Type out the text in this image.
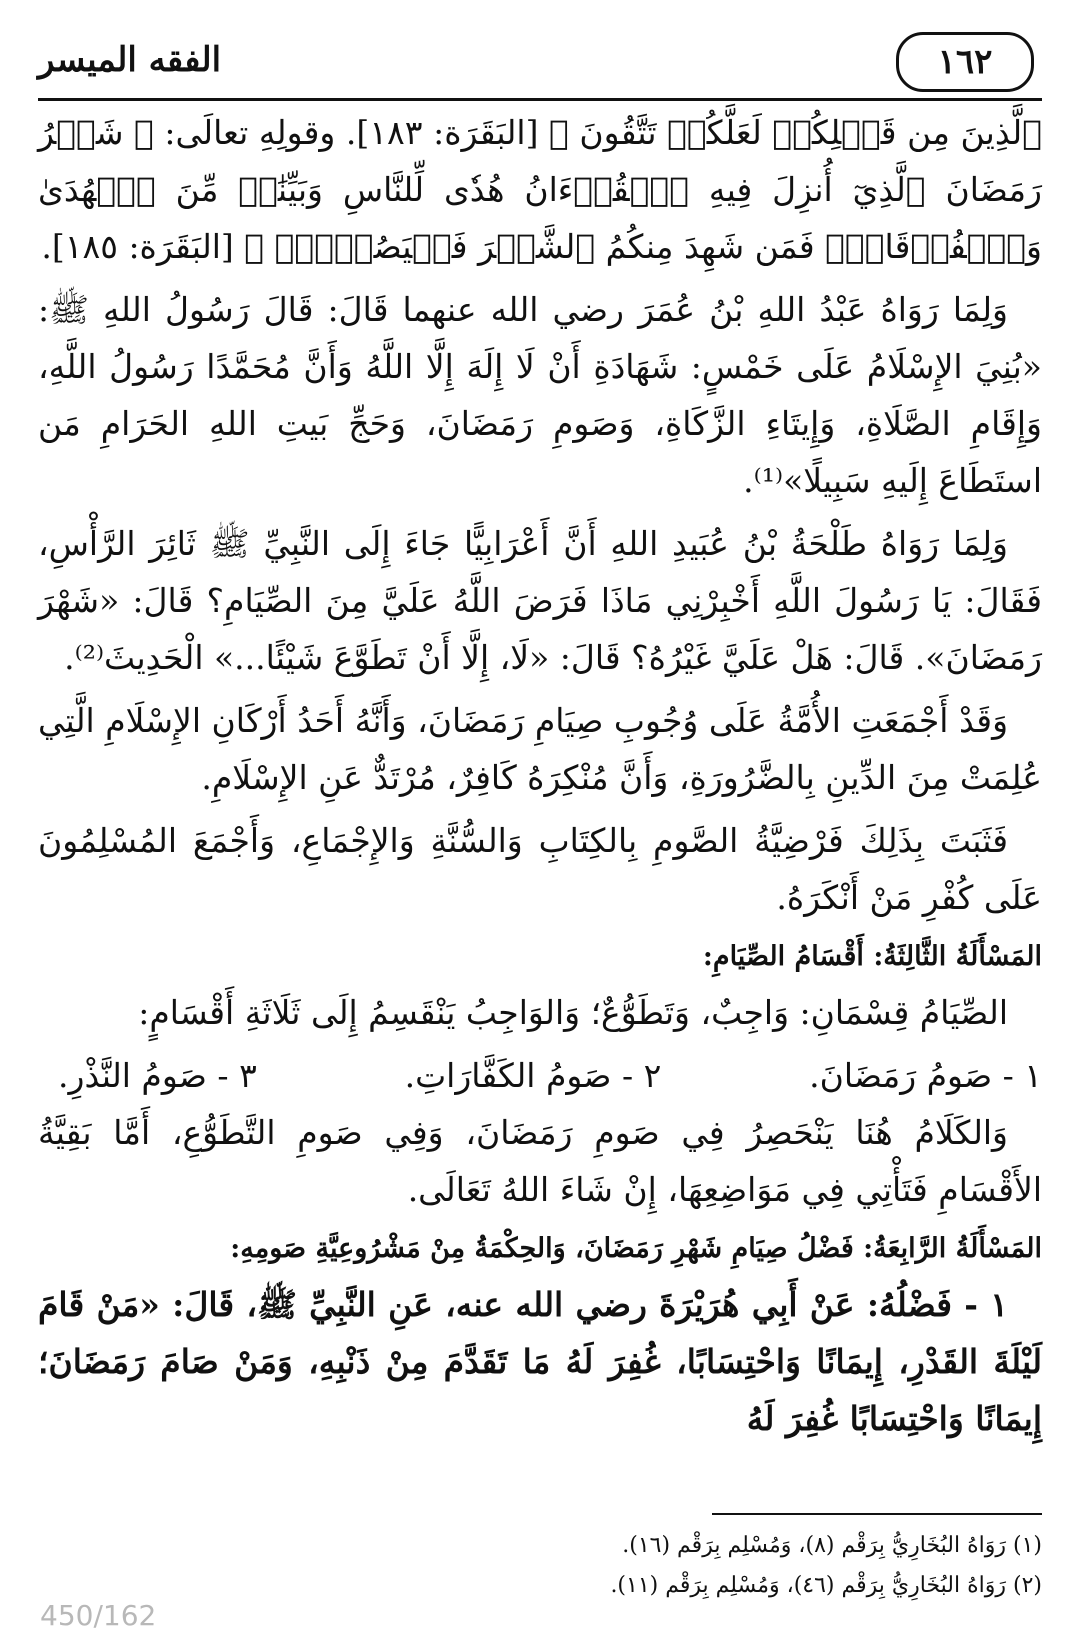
الفقه الميسر	١٦٢

ٱلَّذِينَ مِن قَبۡلِكُمۡ لَعَلَّكُمۡ تَتَّقُونَ ﴾ [البَقَرَة: ١٨٣]. وقولِهِ تعالَى: ﴿ شَهۡرُ رَمَضَانَ ٱلَّذِيٓ أُنزِلَ فِيهِ ٱلۡقُرۡءَانُ هُدٗى لِّلنَّاسِ وَبَيِّنَٰتٖ مِّنَ ٱلۡهُدَىٰ وَٱلۡفُرۡقَانِۚ فَمَن شَهِدَ مِنكُمُ ٱلشَّهۡرَ فَلۡيَصُمۡهُۖ ﴾ [البَقَرَة: ١٨٥].

وَلِمَا رَوَاهُ عَبْدُ اللهِ بْنُ عُمَرَ رضي الله عنهما قَالَ: قَالَ رَسُولُ اللهِ ﷺ: «بُنِيَ الإِسْلَامُ عَلَى خَمْسٍ: شَهَادَةِ أَنْ لَا إِلَهَ إِلَّا اللَّهُ وَأَنَّ مُحَمَّدًا رَسُولُ اللَّهِ، وَإِقَامِ الصَّلَاةِ، وَإِيتَاءِ الزَّكَاةِ، وَصَومِ رَمَضَانَ، وَحَجِّ بَيتِ اللهِ الحَرَامِ مَن استَطَاعَ إِلَيهِ سَبِيلًا»⁽¹⁾.

وَلِمَا رَوَاهُ طَلْحَةُ بْنُ عُبَيدِ اللهِ أَنَّ أَعْرَابِيًّا جَاءَ إِلَى النَّبِيِّ ﷺ ثَائِرَ الرَّأْسِ، فَقَالَ: يَا رَسُولَ اللَّهِ أَخْبِرْنِي مَاذَا فَرَضَ اللَّهُ عَلَيَّ مِنَ الصِّيَامِ؟ قَالَ: «شَهْرَ رَمَضَانَ». قَالَ: هَلْ عَلَيَّ غَيْرُهُ؟ قَالَ: «لَا، إِلَّا أَنْ تَطَوَّعَ شَيْئًا...» الْحَدِيثَ⁽²⁾.

وَقَدْ أَجْمَعَتِ الأُمَّةُ عَلَى وُجُوبِ صِيَامِ رَمَضَانَ، وَأَنَّهُ أَحَدُ أَرْكَانِ الإِسْلَامِ الَّتِي عُلِمَتْ مِنَ الدِّينِ بِالضَّرُورَةِ، وَأَنَّ مُنْكِرَهُ كَافِرٌ، مُرْتَدٌّ عَنِ الإِسْلَامِ.

فَثَبَتَ بِذَلِكَ فَرْضِيَّةُ الصَّومِ بِالكِتَابِ وَالسُّنَّةِ وَالإِجْمَاعِ، وَأَجْمَعَ المُسْلِمُونَ عَلَى كُفْرِ مَنْ أَنْكَرَهُ.

المَسْأَلَةُ الثَّالِثَةُ: أَقْسَامُ الصِّيَامِ:

الصِّيَامُ قِسْمَانِ: وَاجِبٌ، وَتَطَوُّعٌ؛ وَالوَاجِبُ يَنْقَسِمُ إِلَى ثَلَاثَةِ أَقْسَامٍ:

١ - صَومُ رَمَضَانَ.
٢ - صَومُ الكَفَّارَاتِ.
٣ - صَومُ النَّذْرِ.

وَالكَلَامُ هُنَا يَنْحَصِرُ فِي صَومِ رَمَضَانَ، وَفِي صَومِ التَّطَوُّعِ، أَمَّا بَقِيَّةُ الأَقْسَامِ فَتَأْتِي فِي مَوَاضِعِهَا، إِنْ شَاءَ اللهُ تَعَالَى.

المَسْأَلَةُ الرَّابِعَةُ: فَضْلُ صِيَامِ شَهْرِ رَمَضَانَ، وَالحِكْمَةُ مِنْ مَشْرُوعِيَّةِ صَومِهِ:

١ - فَضْلُهُ: عَنْ أَبِي هُرَيْرَةَ رضي الله عنه، عَنِ النَّبِيِّ ﷺ، قَالَ: «مَنْ قَامَ لَيْلَةَ القَدْرِ، إِيمَانًا وَاحْتِسَابًا، غُفِرَ لَهُ مَا تَقَدَّمَ مِنْ ذَنْبِهِ، وَمَنْ صَامَ رَمَضَانَ؛ إِيمَانًا وَاحْتِسَابًا غُفِرَ لَهُ

(١) رَوَاهُ البُخَارِيُّ بِرَقْم (٨)، وَمُسْلِم بِرَقْم (١٦).

(٢) رَوَاهُ البُخَارِيُّ بِرَقْم (٤٦)، وَمُسْلِم بِرَقْم (١١).

450/162
